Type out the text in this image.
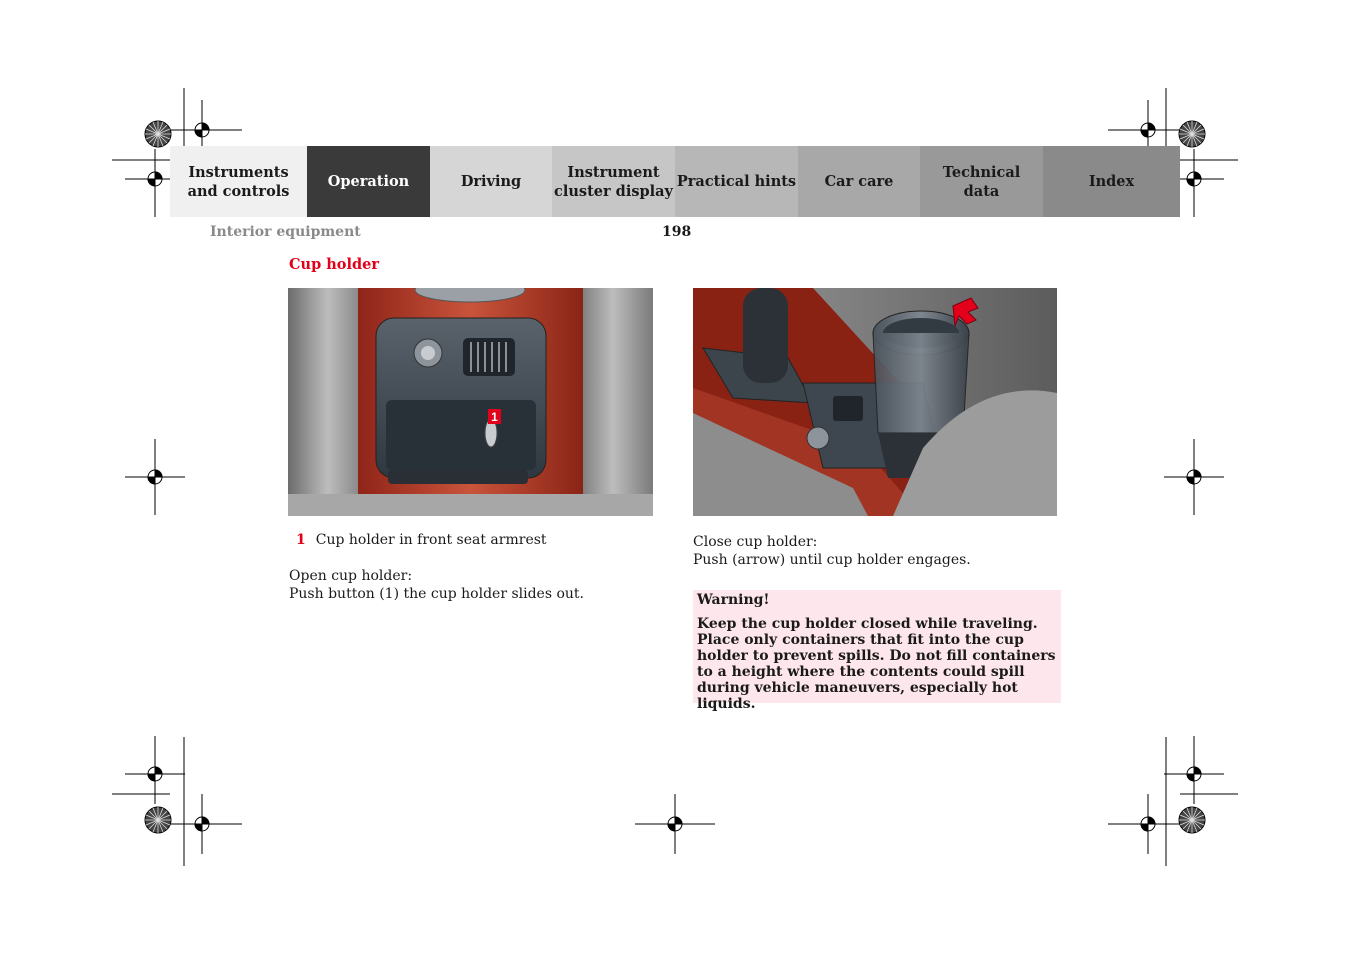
Instruments
and controls
Operation	Driving
Instrument
cluster display
Practical hints	Car care
Technical
data
Index
Interior equipment	198
Cup holder
1
1 Cup holder in front seat armrest
Open cup holder:
Push button (1) the cup holder slides out.
Close cup holder:
Push (arrow) until cup holder engages.
Warning!
Keep the cup holder closed while traveling. Place only containers that fit into the cup holder to prevent spills. Do not fill containers to a height where the contents could spill during vehicle maneuvers, especially hot liquids.
